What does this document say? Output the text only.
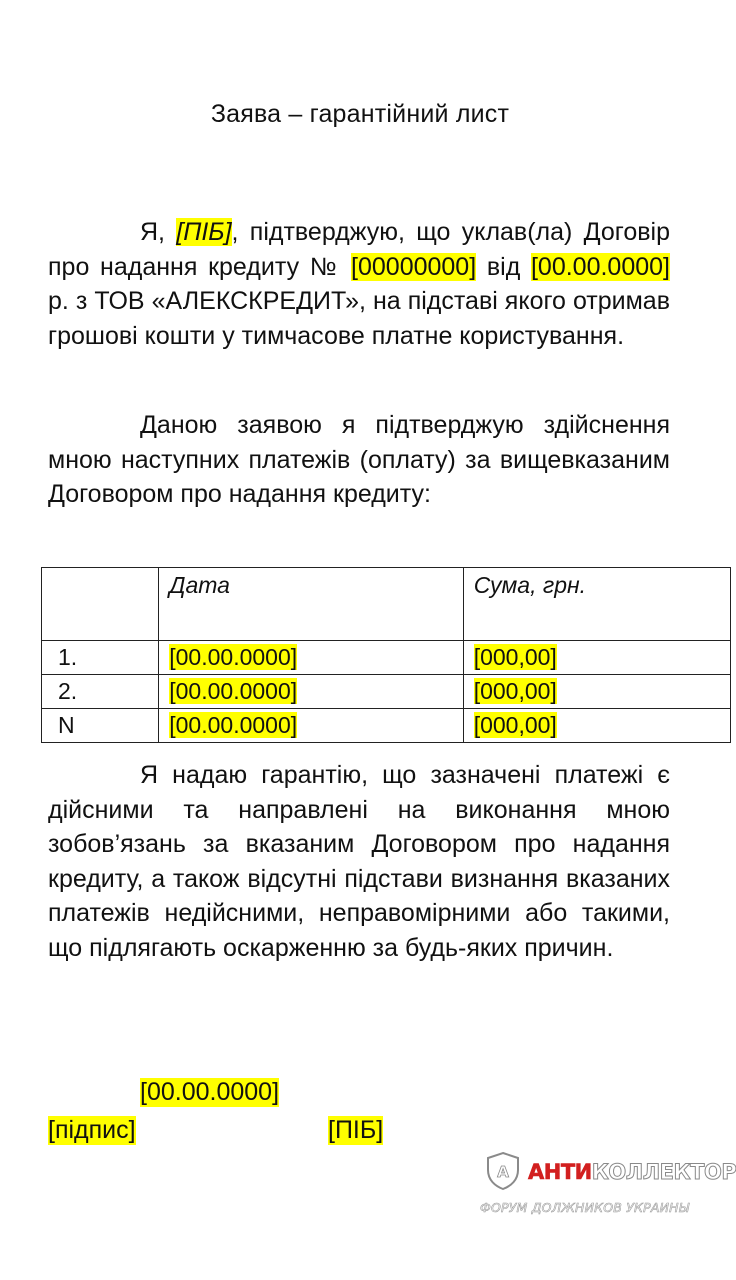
Заява – гарантійний лист

Я, [ПІБ], підтверджую, що уклав(ла) Договір про надання кредиту № [00000000] від [00.00.0000] р. з ТОВ «АЛЕКСКРЕДИТ», на підставі якого отримав грошові кошти у тимчасове платне користування.

Даною заявою я підтверджую здійснення мною наступних платежів (оплату) за вищевказаним Договором про надання кредиту:

	Дата	Сума, грн.
1.	[00.00.0000]	[000,00]
2.	[00.00.0000]	[000,00]
N	[00.00.0000]	[000,00]

Я надаю гарантію, що зазначені платежі є дійсними та направлені на виконання мною зобов’язань за вказаним Договором про надання кредиту, а також відсутні підстави визнання вказаних платежів недійсними, неправомірними або такими, що підлягають оскарженню за будь-яких причин.

[00.00.0000]
[підпис]	[ПІБ]
А АНТИКОЛЛЕКТОР
ФОРУМ ДОЛЖНИКОВ УКРАИНЫ
